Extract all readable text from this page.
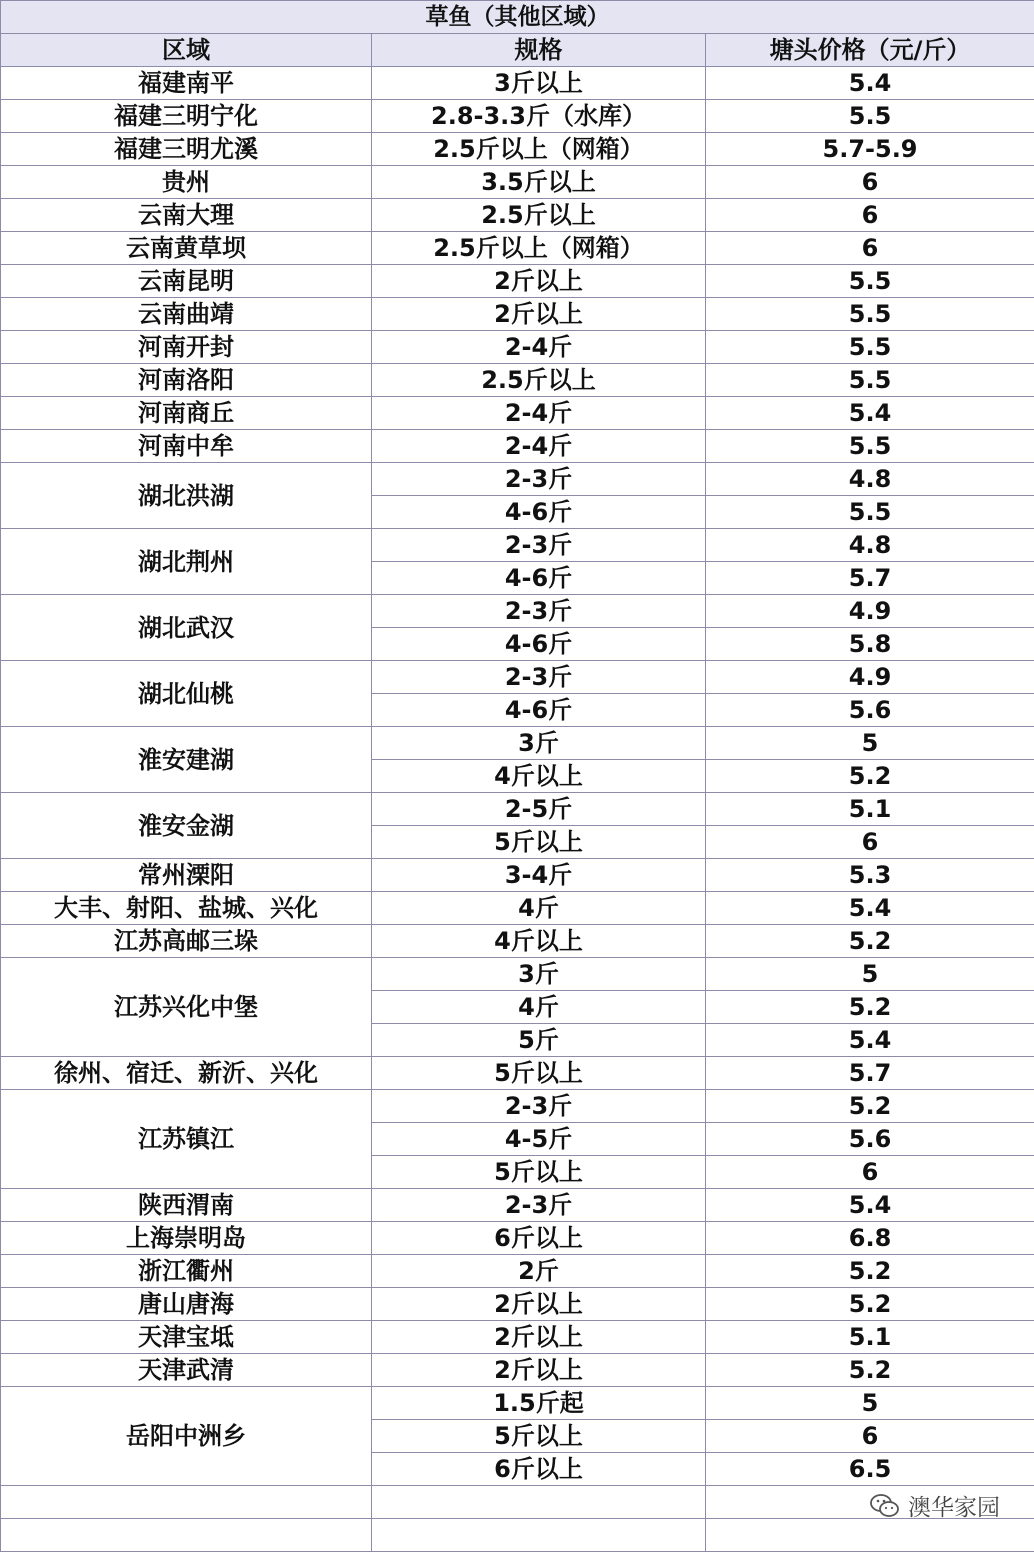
草鱼（其他区域）		
区域	规格	塘头价格（元/斤）
福建南平	3斤以上	5.4
福建三明宁化	2.8-3.3斤（水库）	5.5
福建三明尤溪	2.5斤以上（网箱）	5.7-5.9
贵州	3.5斤以上	6
云南大理	2.5斤以上	6
云南黄草坝	2.5斤以上（网箱）	6
云南昆明	2斤以上	5.5
云南曲靖	2斤以上	5.5
河南开封	2-4斤	5.5
河南洛阳	2.5斤以上	5.5
河南商丘	2-4斤	5.4
河南中牟	2-4斤	5.5
湖北洪湖	2-3斤	4.8
	4-6斤	5.5
湖北荆州	2-3斤	4.8
	4-6斤	5.7
湖北武汉	2-3斤	4.9
	4-6斤	5.8
湖北仙桃	2-3斤	4.9
	4-6斤	5.6
淮安建湖	3斤	5
	4斤以上	5.2
淮安金湖	2-5斤	5.1
	5斤以上	6
常州溧阳	3-4斤	5.3
大丰、射阳、盐城、兴化	4斤	5.4
江苏高邮三垛	4斤以上	5.2
江苏兴化中堡	3斤	5
	4斤	5.2
	5斤	5.4
徐州、宿迁、新沂、兴化	5斤以上	5.7
江苏镇江	2-3斤	5.2
	4-5斤	5.6
	5斤以上	6
陕西渭南	2-3斤	5.4
上海崇明岛	6斤以上	6.8
浙江衢州	2斤	5.2
唐山唐海	2斤以上	5.2
天津宝坻	2斤以上	5.1
天津武清	2斤以上	5.2
岳阳中洲乡	1.5斤起	5
	5斤以上	6
	6斤以上	6.5

澳华家园
